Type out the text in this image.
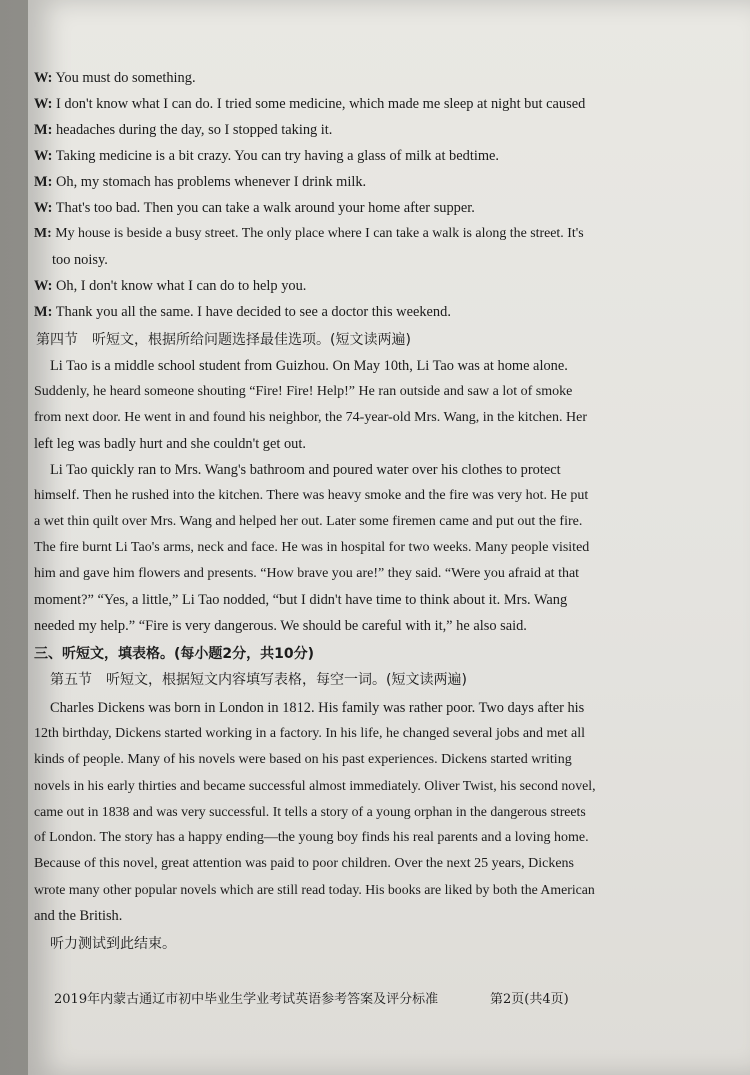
W: You must do something.
W: I don't know what I can do. I tried some medicine, which made me sleep at night but caused
M: headaches during the day, so I stopped taking it.
W: Taking medicine is a bit crazy. You can try having a glass of milk at bedtime.
M: Oh, my stomach has problems whenever I drink milk.
W: That's too bad. Then you can take a walk around your home after supper.
M: My house is beside a busy street. The only place where I can take a walk is along the street. It's
too noisy.
W: Oh, I don't know what I can do to help you.
M: Thank you all the same. I have decided to see a doctor this weekend.
第四节　听短文，根据所给问题选择最佳选项。(短文读两遍)
Li Tao is a middle school student from Guizhou. On May 10th, Li Tao was at home alone.
Suddenly, he heard someone shouting “Fire! Fire! Help!” He ran outside and saw a lot of smoke
from next door. He went in and found his neighbor, the 74-year-old Mrs. Wang, in the kitchen. Her
left leg was badly hurt and she couldn't get out.
Li Tao quickly ran to Mrs. Wang's bathroom and poured water over his clothes to protect
himself. Then he rushed into the kitchen. There was heavy smoke and the fire was very hot. He put
a wet thin quilt over Mrs. Wang and helped her out. Later some firemen came and put out the fire.
The fire burnt Li Tao's arms, neck and face. He was in hospital for two weeks. Many people visited
him and gave him flowers and presents. “How brave you are!” they said. “Were you afraid at that
moment?” “Yes, a little,” Li Tao nodded, “but I didn't have time to think about it. Mrs. Wang
needed my help.” “Fire is very dangerous. We should be careful with it,” he also said.
三、听短文，填表格。(每小题2分，共10分)
第五节　听短文，根据短文内容填写表格，每空一词。(短文读两遍)
Charles Dickens was born in London in 1812. His family was rather poor. Two days after his
12th birthday, Dickens started working in a factory. In his life, he changed several jobs and met all
kinds of people. Many of his novels were based on his past experiences. Dickens started writing
novels in his early thirties and became successful almost immediately. Oliver Twist, his second novel,
came out in 1838 and was very successful. It tells a story of a young orphan in the dangerous streets
of London. The story has a happy ending—the young boy finds his real parents and a loving home.
Because of this novel, great attention was paid to poor children. Over the next 25 years, Dickens
wrote many other popular novels which are still read today. His books are liked by both the American
and the British.
听力测试到此结束。
2019年内蒙古通辽市初中毕业生学业考试英语参考答案及评分标准	第2页(共4页)
